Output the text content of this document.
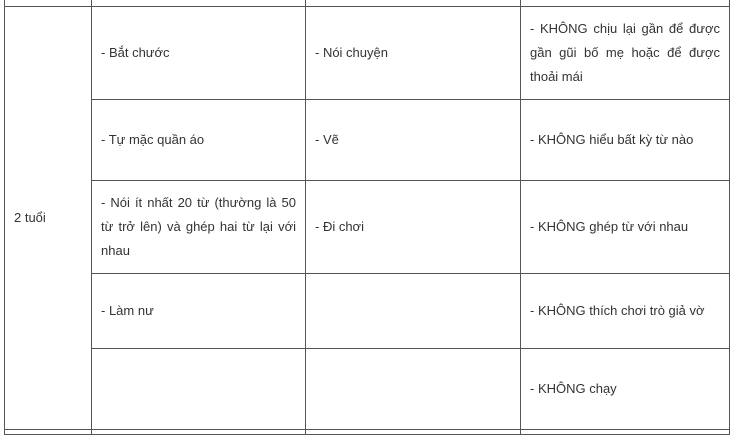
2 tuổi	- Bắt chước	- Nói chuyện	- KHÔNG chịu lại gần để được gần gũi bố mẹ hoặc để được thoải mái
	- Tự mặc quần áo	- Vẽ	- KHÔNG hiểu bất kỳ từ nào
	- Nói ít nhất 20 từ (thường là 50 từ trở lên) và ghép hai từ lại với nhau	- Đi chơi	- KHÔNG ghép từ với nhau
	- Làm nư		- KHÔNG thích chơi trò giả vờ
			- KHÔNG chạy
